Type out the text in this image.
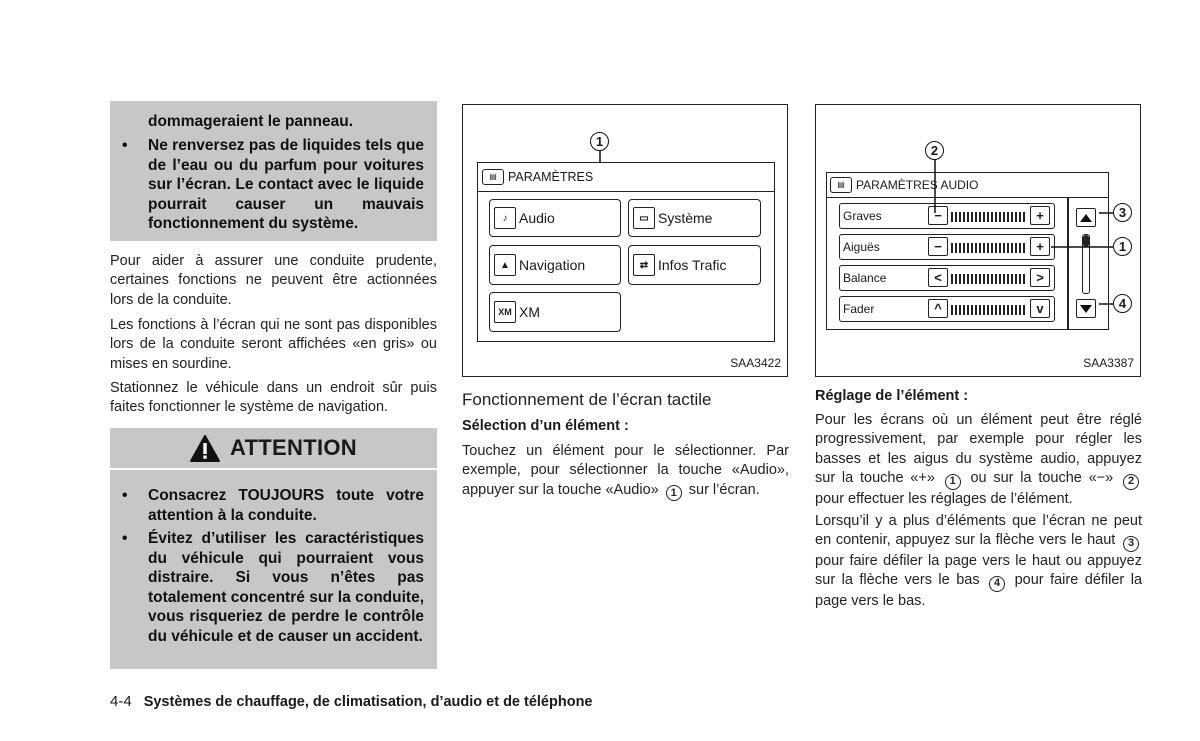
dommageraient le panneau.
•	Ne renversez pas de liquides tels que de l’eau ou du parfum pour voitures sur l’écran. Le contact avec le liquide pourrait causer un mauvais fonctionnement du système.
Pour aider à assurer une conduite prudente, certaines fonctions ne peuvent être actionnées lors de la conduite.
Les fonctions à l’écran qui ne sont pas disponibles lors de la conduite seront affichées «en gris» ou mises en sourdine.
Stationnez le véhicule dans un endroit sûr puis faites fonctionner le système de navigation.
ATTENTION
•	Consacrez TOUJOURS toute votre attention à la conduite.
•	Évitez d’utiliser les caractéristiques du véhicule qui pourraient vous distraire. Si vous n’êtes pas totalement concentré sur la conduite, vous risqueriez de perdre le contrôle du véhicule et de causer un accident.
1
▤ PARAMÈTRES
♪ Audio	▭ Système
▲ Navigation	⇄ Infos Trafic
XM XM
SAA3422
▤ PARAMÈTRES AUDIO
Graves
Aiguës
Balance
Fader
−	+
−	+
<	>
^	v
2
3
1
4
SAA3387
Fonctionnement de l’écran tactile
Sélection d’un élément :
Touchez un élément pour le sélectionner. Par exemple, pour sélectionner la touche «Audio», appuyer sur la touche «Audio» 1 sur l’écran.
Réglage de l’élément :
Pour les écrans où un élément peut être réglé progressivement, par exemple pour régler les basses et les aigus du système audio, appuyez sur la touche «+» 1 ou sur la touche «−» 2 pour effectuer les réglages de l’élément.
Lorsqu’il y a plus d’éléments que l’écran ne peut en contenir, appuyez sur la flèche vers le haut 3 pour faire défiler la page vers le haut ou appuyez sur la flèche vers le bas 4 pour faire défiler la page vers le bas.
4-4 Systèmes de chauffage, de climatisation, d’audio et de téléphone
